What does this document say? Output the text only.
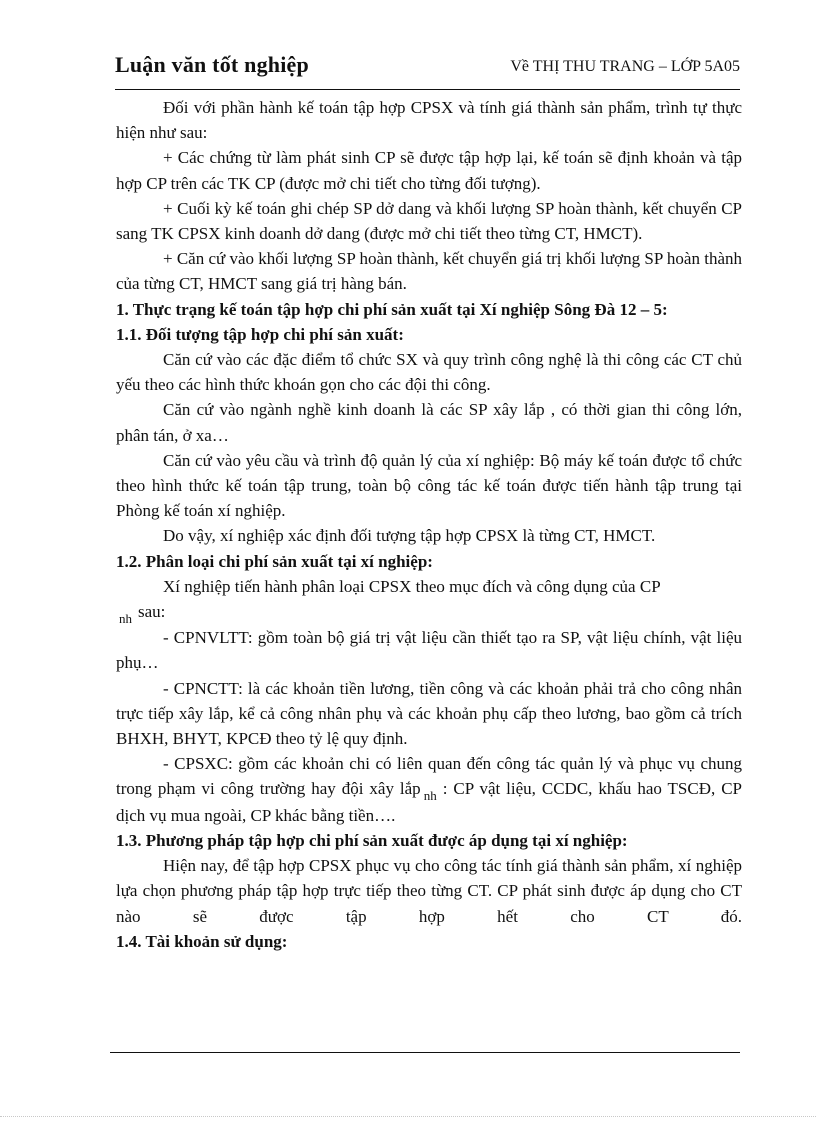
Luận văn tốt nghiệp	Về THỊ THU TRANG – LỚP 5A05

Đối với phần hành kế toán tập hợp CPSX và tính giá thành sản phẩm, trình tự thực hiện như sau:

+ Các chứng từ làm phát sinh CP sẽ được tập hợp lại, kế toán sẽ định khoản và tập hợp CP trên các TK CP (được mở chi tiết cho từng đối tượng).

+ Cuối kỳ kế toán ghi chép SP dở dang và khối lượng SP hoàn thành, kết chuyển CP sang TK CPSX kinh doanh dở dang (được mở chi tiết theo từng CT, HMCT).

+ Căn cứ vào khối lượng SP hoàn thành, kết chuyển giá trị khối lượng SP hoàn thành của từng CT, HMCT sang giá trị hàng bán.

1. Thực trạng kế toán tập hợp chi phí sản xuất tại Xí nghiệp Sông Đà 12 – 5:

1.1. Đối tượng tập hợp chi phí sản xuất:

Căn cứ vào các đặc điểm tổ chức SX và quy trình công nghệ là thi công các CT chủ yếu theo các hình thức khoán gọn cho các đội thi công.

Căn cứ vào ngành nghề kinh doanh là các SP xây lắp , có thời gian thi công lớn, phân tán, ở xa…

Căn cứ vào yêu cầu và trình độ quản lý của xí nghiệp: Bộ máy kế toán được tổ chức theo hình thức kế toán tập trung, toàn bộ công tác kế toán được tiến hành tập trung tại Phòng kế toán xí nghiệp.

Do vậy, xí nghiệp xác định đối tượng tập hợp CPSX là từng CT, HMCT.

1.2. Phân loại chi phí sản xuất tại xí nghiệp:

Xí nghiệp tiến hành phân loại CPSX theo mục đích và công dụng của CP

$_{nh}$ sau:

- CPNVLTT: gồm toàn bộ giá trị vật liệu cần thiết tạo ra SP, vật liệu chính, vật liệu phụ…

- CPNCTT: là các khoản tiền lương, tiền công và các khoản phải trả cho công nhân trực tiếp xây lắp, kể cả công nhân phụ và các khoản phụ cấp theo lương, bao gồm cả trích BHXH, BHYT, KPCĐ theo tỷ lệ quy định.

- CPSXC: gồm các khoản chi có liên quan đến công tác quản lý và phục vụ chung trong phạm vi công trường hay đội xây lắp $_{nh}$ : CP vật liệu, CCDC, khấu hao TSCĐ, CP dịch vụ mua ngoài, CP khác bằng tiền….

1.3. Phương pháp tập hợp chi phí sản xuất được áp dụng tại xí nghiệp:

Hiện nay, để tập hợp CPSX phục vụ cho công tác tính giá thành sản phẩm, xí nghiệp lựa chọn phương pháp tập hợp trực tiếp theo từng CT. CP phát sinh được áp dụng cho CT nào sẽ được tập hợp hết cho CT đó.

1.4. Tài khoản sử dụng:
